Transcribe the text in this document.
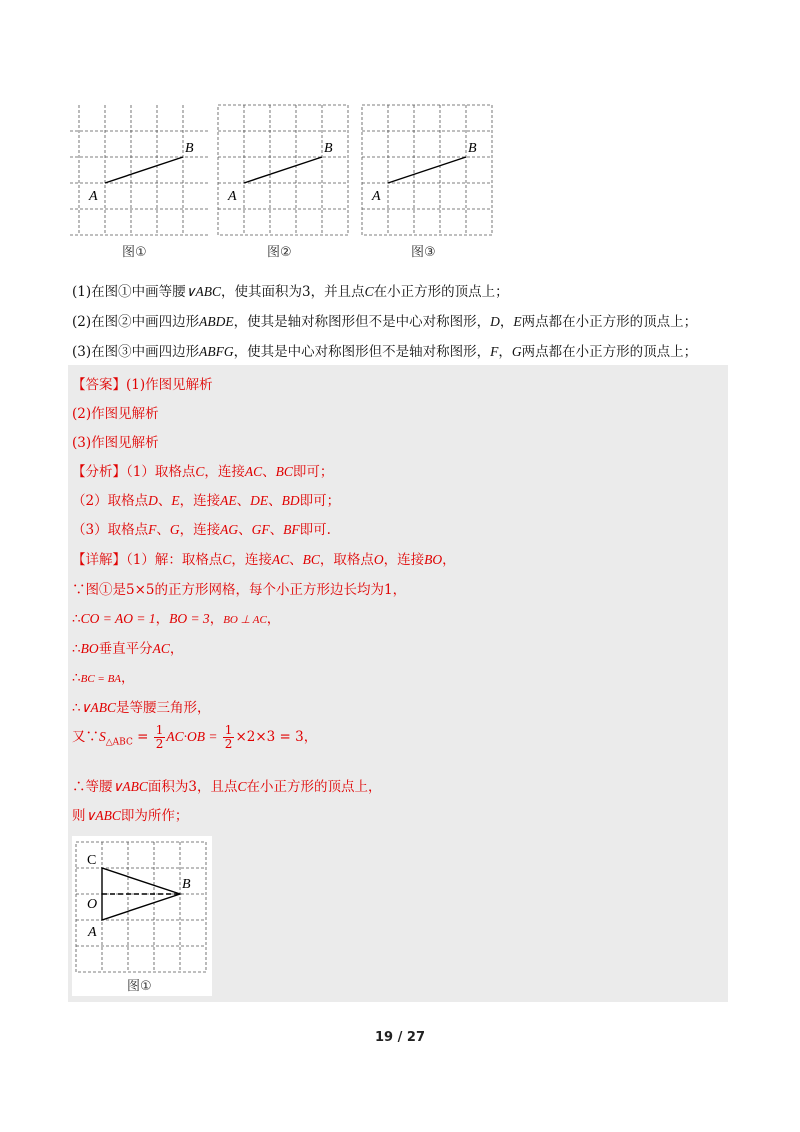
A
B
图①
A
B
图②
A
B
图③
(1)在图①中画等腰∨ABC，使其面积为3，并且点C在小正方形的顶点上；
(2)在图②中画四边形ABDE，使其是轴对称图形但不是中心对称图形，D，E两点都在小正方形的顶点上；
(3)在图③中画四边形ABFG，使其是中心对称图形但不是轴对称图形，F，G两点都在小正方形的顶点上；
【答案】(1)作图见解析
(2)作图见解析
(3)作图见解析
【分析】（1）取格点C，连接AC、BC即可；
（2）取格点D、E，连接AE、DE、BD即可；
（3）取格点F、G，连接AG、GF、BF即可.
【详解】（1）解：取格点C，连接AC、BC，取格点O，连接BO，
∵图①是5×5的正方形网格，每个小正方形边长均为1，
∴CO = AO = 1，BO = 3，BO ⊥ AC，
∴BO垂直平分AC，
∴BC = BA，
∴∨ABC是等腰三角形，
又$\because S_{\triangle ABC} = \frac{1}{2} AC\cdot OB = \frac{1}{2} \times 2\times 3 = 3$，
∴等腰∨ABC面积为3，且点C在小正方形的顶点上，
则∨ABC即为所作；
C
O
A
B
图①
19 / 27
